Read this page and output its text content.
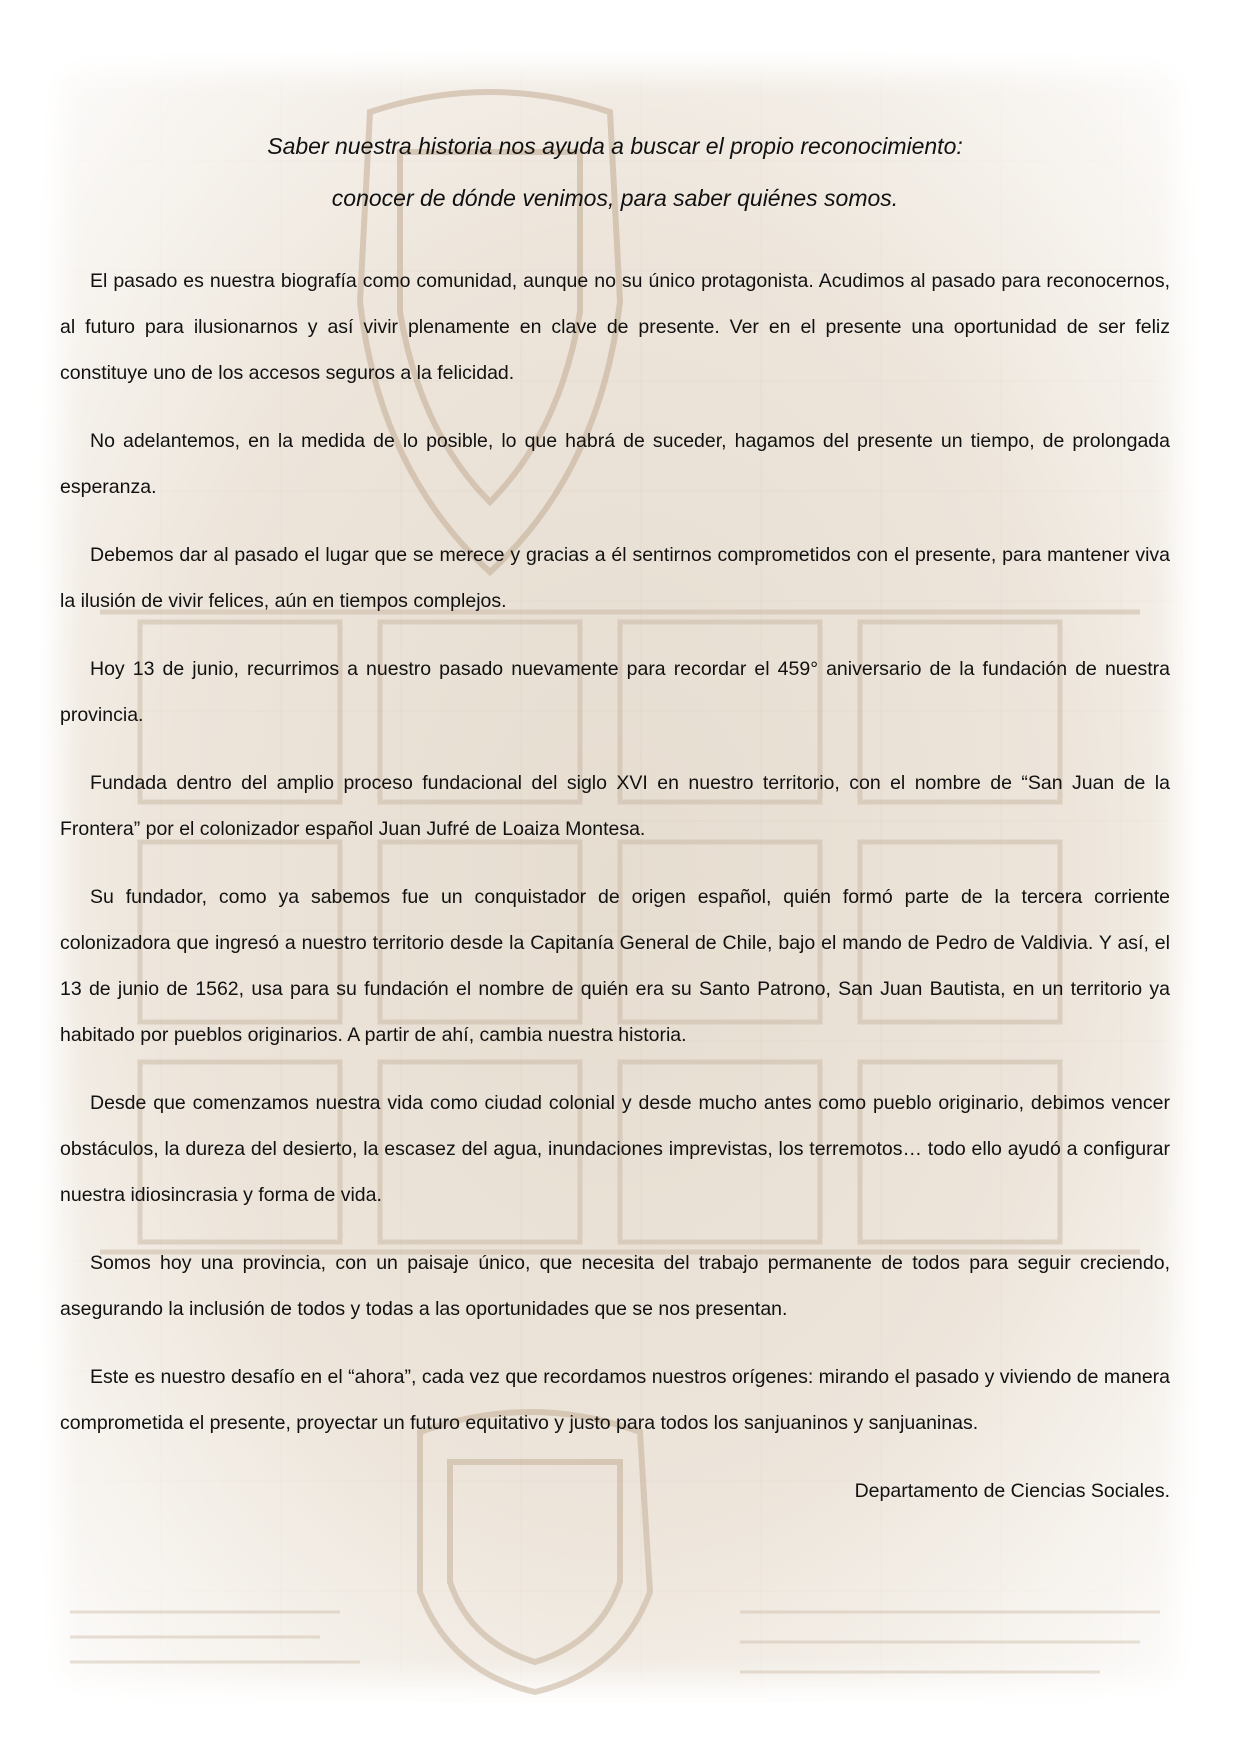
Saber nuestra historia nos ayuda a buscar el propio reconocimiento:

conocer de dónde venimos, para saber quiénes somos.

El pasado es nuestra biografía como comunidad, aunque no su único protagonista. Acudimos al pasado para reconocernos, al futuro para ilusionarnos y así vivir plenamente en clave de presente. Ver en el presente una oportunidad de ser feliz constituye uno de los accesos seguros a la felicidad.

No adelantemos, en la medida de lo posible, lo que habrá de suceder, hagamos del presente un tiempo, de prolongada esperanza.

Debemos dar al pasado el lugar que se merece y gracias a él sentirnos comprometidos con el presente, para mantener viva la ilusión de vivir felices, aún en tiempos complejos.

Hoy 13 de junio, recurrimos a nuestro pasado nuevamente para recordar el 459° aniversario de la fundación de nuestra provincia.

Fundada dentro del amplio proceso fundacional del siglo XVI en nuestro territorio, con el nombre de “San Juan de la Frontera” por el colonizador español Juan Jufré de Loaiza Montesa.

Su fundador, como ya sabemos fue un conquistador de origen español, quién formó parte de la tercera corriente colonizadora que ingresó a nuestro territorio desde la Capitanía General de Chile, bajo el mando de Pedro de Valdivia. Y así, el 13 de junio de 1562, usa para su fundación el nombre de quién era su Santo Patrono, San Juan Bautista, en un territorio ya habitado por pueblos originarios. A partir de ahí, cambia nuestra historia.

Desde que comenzamos nuestra vida como ciudad colonial y desde mucho antes como pueblo originario, debimos vencer obstáculos, la dureza del desierto, la escasez del agua, inundaciones imprevistas, los terremotos… todo ello ayudó a configurar nuestra idiosincrasia y forma de vida.

Somos hoy una provincia, con un paisaje único, que necesita del trabajo permanente de todos para seguir creciendo, asegurando la inclusión de todos y todas a las oportunidades que se nos presentan.

Este es nuestro desafío en el “ahora”, cada vez que recordamos nuestros orígenes: mirando el pasado y viviendo de manera comprometida el presente, proyectar un futuro equitativo y justo para todos los sanjuaninos y sanjuaninas.

Departamento de Ciencias Sociales.
